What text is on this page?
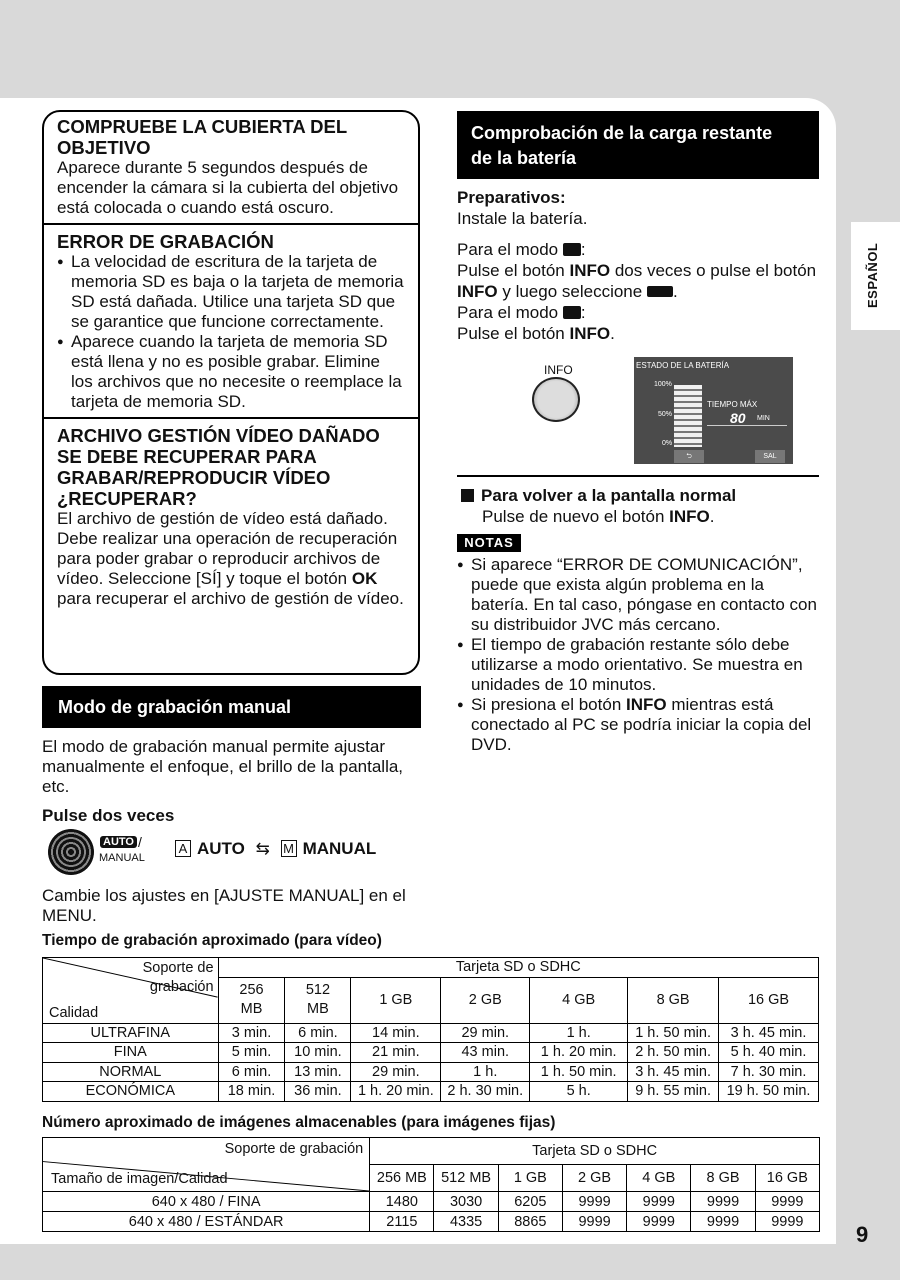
ESPAÑOL
9
COMPRUEBE LA CUBIERTA DEL
OBJETIVO

Aparece durante 5 segundos después de encender la cámara si la cubierta del objetivo está colocada o cuando está oscuro.

ERROR DE GRABACIÓN
● La velocidad de escritura de la tarjeta de memoria SD es baja o la tarjeta de memoria SD está dañada. Utilice una tarjeta SD que se garantice que funcione correctamente.
● Aparece cuando la tarjeta de memoria SD está llena y no es posible grabar. Elimine los archivos que no necesite o reemplace la tarjeta de memoria SD.
ARCHIVO GESTIÓN VÍDEO DAÑADO SE DEBE RECUPERAR PARA GRABAR/REPRODUCIR VÍDEO ¿RECUPERAR?

El archivo de gestión de vídeo está dañado. Debe realizar una operación de recuperación para poder grabar o reproducir archivos de vídeo. Seleccione [SÍ] y toque el botón OK para recuperar el archivo de gestión de vídeo.

Modo de grabación manual
El modo de grabación manual permite ajustar manualmente el enfoque, el brillo de la pantalla, etc.
Pulse dos veces
AUTO /
MANUAL
A AUTO ⇆ M MANUAL
Cambie los ajustes en [AJUSTE MANUAL] en el MENU.
Comprobación de la carga restante
de la batería
Preparativos:
Instale la batería.
Para el modo :
Pulse el botón INFO dos veces o pulse el botón INFO y luego seleccione .
Para el modo :
Pulse el botón INFO.
INFO	ESTADO DE LA BATERÍA
100%
50%
0%
TIEMPO MÁX
80 MIN
⮌	SAL
Para volver a la pantalla normal
Pulse de nuevo el botón INFO.
NOTAS
● Si aparece “ERROR DE COMUNICACIÓN”, puede que exista algún problema en la batería. En tal caso, póngase en contacto con su distribuidor JVC más cercano.
● El tiempo de grabación restante sólo debe utilizarse a modo orientativo. Se muestra en unidades de 10 minutos.
● Si presiona el botón INFO mientras está conectado al PC se podría iniciar la copia del DVD.
Tiempo de grabación aproximado (para vídeo)
Soporte de
grabación
Calidad	Tarjeta SD o SDHC						
	256
MB	512
MB	1 GB	2 GB	4 GB	8 GB	16 GB
ULTRAFINA	3 min.	6 min.	14 min.	29 min.	1 h.	1 h. 50 min.	3 h. 45 min.
FINA	5 min.	10 min.	21 min.	43 min.	1 h. 20 min.	2 h. 50 min.	5 h. 40 min.
NORMAL	6 min.	13 min.	29 min.	1 h.	1 h. 50 min.	3 h. 45 min.	7 h. 30 min.
ECONÓMICA	18 min.	36 min.	1 h. 20 min.	2 h. 30 min.	5 h.	9 h. 55 min.	19 h. 50 min.
Número aproximado de imágenes almacenables (para imágenes fijas)
Soporte de grabación
Tamaño de imagen/Calidad	Tarjeta SD o SDHC						
	256 MB	512 MB	1 GB	2 GB	4 GB	8 GB	16 GB
640 x 480 / FINA	1480	3030	6205	9999	9999	9999	9999
640 x 480 / ESTÁNDAR	2115	4335	8865	9999	9999	9999	9999
